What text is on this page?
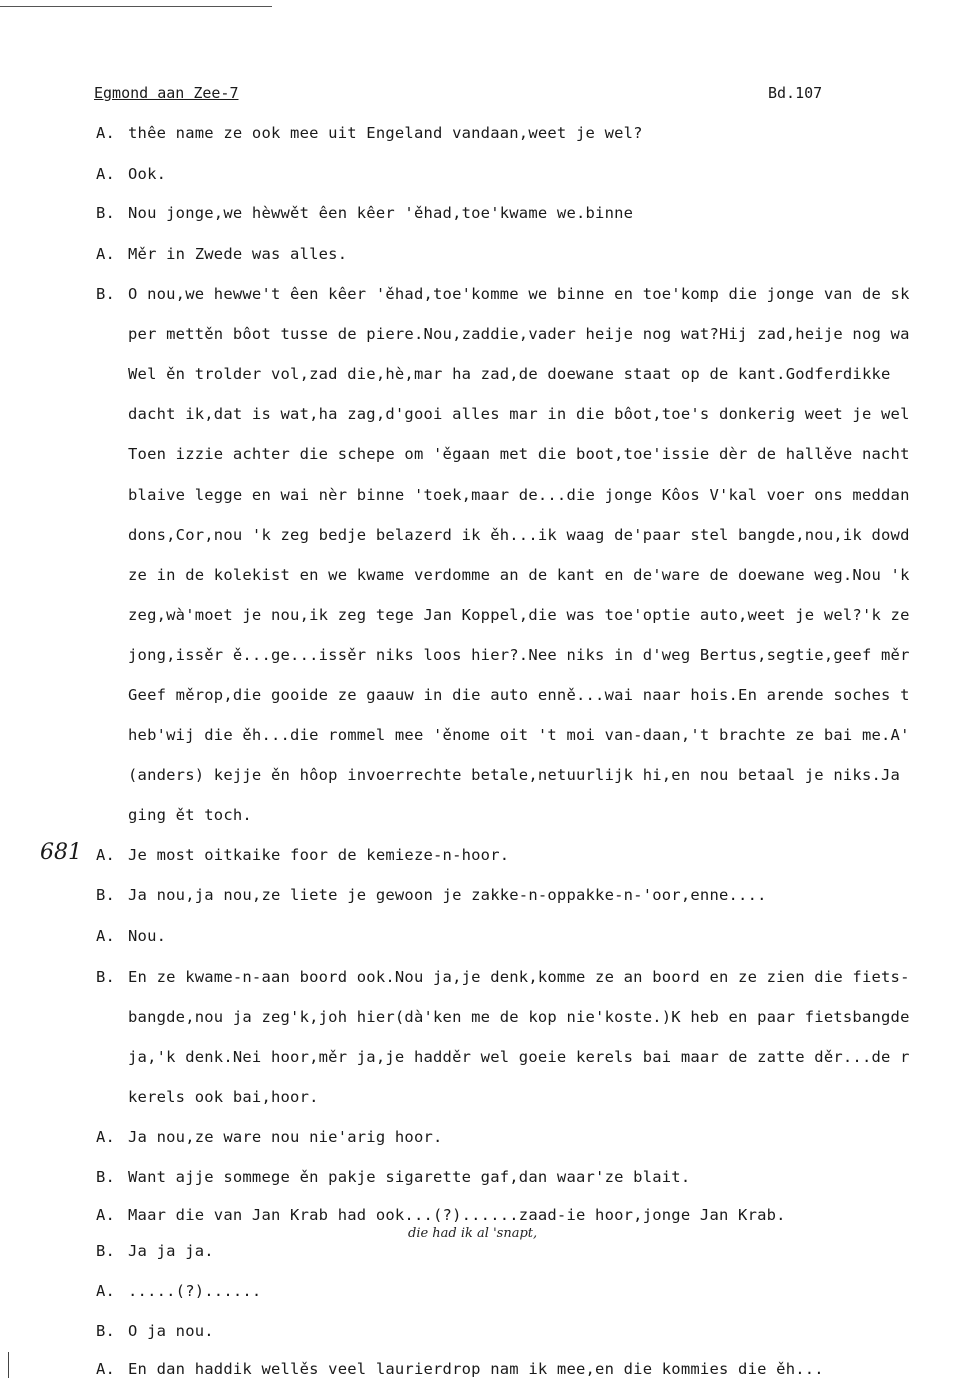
Egmond aan Zee-7	Bd.107
681
die had ik al 'snapt,
A. thêe name ze ook mee uit Engeland vandaan,weet je wel?
A. Ook.
B. Nou jonge,we hèwwět êen kêer 'ěhad,toe'kwame we.binne
A. Měr in Zwede was alles.
B. O nou,we hewwe't êen kêer 'ěhad,toe'komme we binne en toe'komp die jonge van de sk
per mettěn bôot tusse de piere.Nou,zaddie,vader heije nog wat?Hij zad,heije nog wa
Wel ěn trolder vol,zad die,hè,mar ha zad,de doewane staat op de kant.Godferdikke
dacht ik,dat is wat,ha zag,d'gooi alles mar in die bôot,toe's donkerig weet je wel
Toen izzie achter die schepe om 'ěgaan met die boot,toe'issie dèr de hallěve nacht
blaive legge en wai nèr binne 'toek,maar de...die jonge Kôos V'kal voer ons meddan
dons,Cor,nou 'k zeg bedje belazerd ik ěh...ik waag de'paar stel bangde,nou,ik dowd
ze in de kolekist en we kwame verdomme an de kant en de'ware de doewane weg.Nou 'k
zeg,wà'moet je nou,ik zeg tege Jan Koppel,die was toe'optie auto,weet je wel?'k ze
jong,issěr ě...ge...issěr niks loos hier?.Nee niks in d'weg Bertus,segtie,geef měr
Geef měrop,die gooide ze gaauw in die auto enně...wai naar hois.En arende soches t
heb'wij die ěh...die rommel mee 'ěnome oit 't moi van-daan,'t brachte ze bai me.A'
(anders) kejje ěn hôop invoerrechte betale,netuurlijk hi,en nou betaal je niks.Ja
ging ět toch.
A. Je most oitkaike foor de kemieze-n-hoor.
B. Ja nou,ja nou,ze liete je gewoon je zakke-n-oppakke-n-'oor,enne....
A. Nou.
B. En ze kwame-n-aan boord ook.Nou ja,je denk,komme ze an boord en ze zien die fiets-
bangde,nou ja zeg'k,joh hier(dà'ken me de kop nie'koste.)K heb en paar fietsbangde
ja,'k denk.Nei hoor,měr ja,je hadděr wel goeie kerels bai maar de zatte děr...de r
kerels ook bai,hoor.
A. Ja nou,ze ware nou nie'arig hoor.
B. Want ajje sommege ěn pakje sigarette gaf,dan waar'ze blait.
A. Maar die van Jan Krab had ook...(?)......zaad-ie hoor,jonge Jan Krab.
B. Ja ja ja.
A. .....(?)......
B. O ja nou.
A. En dan haddik wellěs veel laurierdrop nam ik mee,en die kommies die ěh...
